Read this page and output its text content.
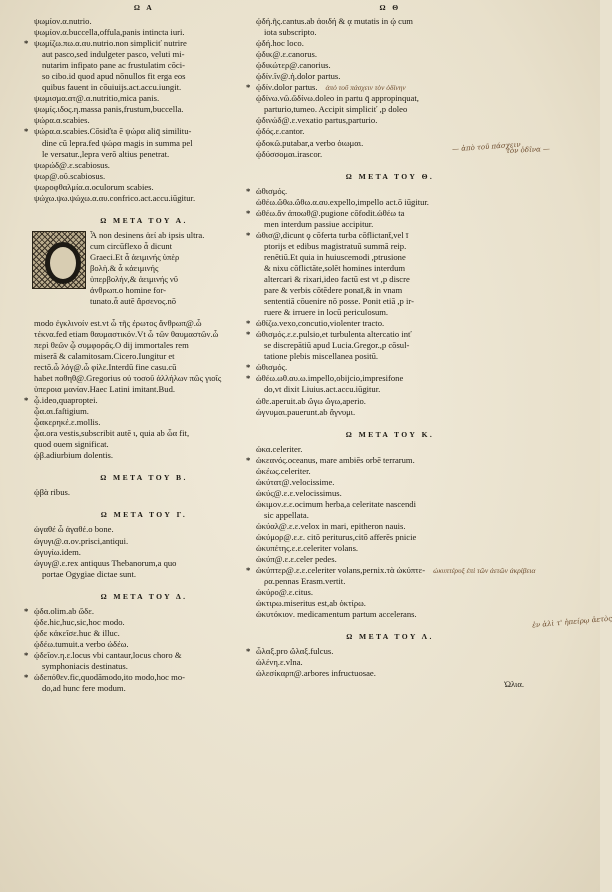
Ω Α
ψωμίον.α.nutrio.
ψωμίον.α.buccella,offula,panis intincta iuri.
* ψωμίζω.πω.α.αυ.nutrio.non simpliciť nutrire
aut pasco,sed indulgeter pasco, veluti mi-
nutarim infipato pane ac frustulatim cōci-
so cibo.id quod apud nōnullos fit erga eos
quibus fauent in cōuiuijs.act.accu.iungit.
ψωμισμα.ατ@.α.nutritio,mica panis.
ψωμίς.ιδος.η.massa panis,frustum,buccella.
ψώρα.α.scabies.
* ψώρα.α.scabies.Cōsiďta ē ψώρα aliq̄ similitu-
dine cū lepra.fed ψώρα magis in summa pel
le versatur.,lepra verō altius penetrat.
ψωρώδ@.ε.scabiosus.
ψωρ@.οῦ.scabiosus.
ψωροφθαλμία.α.oculorum scabies.
ψώχω.ψω.ψώχω.α.αυ.confrico.act.accu.iūgitur.
Ω ΜΕΤΑ ΤΟΥ Α.
Ἆ non desinens ἀεί ab ipsis ultra.
cum circūflexo ἆ dicunt
Graeci.Et ἆ ἀειμινής ὑπὲρ
βολὴ.& ἆ κἀειμινής
ὑπερβολήν,& ἀειμινής νῦ
ἀνθρωπ.ο homine for-
tunato.ἆ autē ἄρσενος.nō
modo ἐγκλινοίν est.vt ὦ τῆς ἐρωτος ἄνθρωπ@.ὦ
τέκνα.fed etiam θαυμαστικόν.Vt ὦ τῶν θαυμαστῶν.ὦ
περὶ θεῶν ᾧ συμφορᾶς.O dij immortales rem
miserā & calamitosam.Cicero.Iungitur et
rectō.ὦ λόγ@.ὦ φίλε.Interdū fine casu.cū
habet ποθηθ@.Gregorius οὐ τοσοῦ ἀλλήλων πῶς γιοῖς
ὑπεροια μανίαν.Haec Latini imitant.Bud.
* ᾧ.ideo,quaproptei.
ᾧα.αι.faſtigium.
ᾧακερηκέ.ε.mollis.
ᾧα.ora vestis,subscribit autē ι, quia ab ὦα fit,
quod ouem significat.
ᾠβ.adiurbium dolentis.
Ω ΜΕΤΑ ΤΟΥ Β.
ᾠβὰ ribus.
Ω ΜΕΤΑ ΤΟΥ Γ.
ὠγαθέ ὦ ἀγαθέ.ο bone.
ὠγυγι@.α.ον.prisci,antiqui.
ὠγυγίω.idem.
ὠγυγ@.ε.rex antiquus Thebanorum,a quo
portae Ogygiae dictae sunt.
Ω ΜΕΤΑ ΤΟΥ Δ.
* ᾠδα.olim.ab ὤδε.
ᾠδε.hic,huc,sic,hoc modo.
ᾠδε κἀκεῖσε.huc & illuc.
ᾠδέω.tumuit.a verbo ὠδέω.
* ᾠδεῖον.η.ε.locus vbi cantaur,locus choro &
symphoniacis destinatus.
* ὠδεπόθεν.fic,quodāmodo,ito modo,hoc mo-
do,ad hunc fere modum.
Ω Θ
ᾠδή.ῆς.cantus.ab ἀοιδή & ᾳ mutatis in ᾠ cum
iota subscripto.
ᾠδή.hoc loco.
ᾠδικ@.ε.canorus.
ᾠδικώτερ@.canorius.
ᾠδίν.ῖν@.ἡ.dolor partus.
* ᾠδίν.dolor partus. ἀπὸ τοῦ πάσχειν τὸν ὀδίνην
ᾠδίνω.νῶ.ὤδίνω.doleo in partu q̄ appropinquat,
parturio,tumeo. Accipit simpliciť ,p doleo
ᾠδινώδ@.ε.vexatio partus,parturio.
ᾠδός.ε.cantor.
ᾠδοκῶ.putabar,a verbo ὀιωμαι.
ᾠδύσσομαι.irascor.
Ω ΜΕΤΑ ΤΟΥ Θ.
* ὠθισμός.
ὠθέω.ὤθω.ὤθω.α.αυ.expello,impello act.ō iūgitur.
* ὠθέω.ἄν ἀποωθ@.pugione cōfodit.ὠθέω ta
men interdum passiue accipitur.
* ὠθισ@,dicunt ǫ cōferta turba cōflictant̄,vel ī
ptorijs et edibus magistratuū summā reip.
renētiū.Et quia in huiuscemodi ,ptrusione
& nixu cōflictāte,solēt homines interdum
altercari & rixari,ideo factū est vt ,p discre
pare & verbis cōtēdere ponaī,& in vnam
sententiā cōuenire nō posse. Ponit etiā ,p ir-
ruere & irruere in locū periculosum.
* ὠθίζω.vexo,concutio,violenter tracto.
* ὠθισμός.ε.ε.pulsio,et turbulenta altercatio inť
se discrepātiū apud Lucia.Gregor.,p cōsul-
tatione plebis miscellanea positū.
* ὠθισμός.
* ὠθέω.ωθ.αυ.ω.impello,obijcio,impresifone
do,vt dixit Liuius.act.accu.iūgitur.
ὠθε.aperuit.ab ὤγω ὤγω,aperio.
ὠγνυμαι.pauerunt.ab ἄγνυμι.
Ω ΜΕΤΑ ΤΟΥ Κ.
ὠκα.celeriter.
* ὠκεανός.oceanus, mare ambiēs orbē terrarum.
ὠκέως.celeriter.
ὠκύτατ@.velocissime.
ὠκύς@.ε.ε.velocissimus.
ὠκιμον.ε.ε.ocimum herba,a celeritate nascendi
sic appellata.
ὠκύαλ@.ε.ε.velox in mari, epitheron nauis.
ὠκύμορ@.ε.ε. citō periturus,citō afferēs pnicie
ὠκυπέτης.ε.ε.celeriter volans.
ὠκύπ@.ε.ε.celer pedes.
* ὠκύπτερ@.ε.ε.celeriter volans,pernix.τὰ ὠκύπτε- ὠκυπτέρυξ ἐπὶ τῶν ἀετῶν ἀκρίβεια
ρα.pennas Erasm.vertit.
ὠκύρο@.ε.citus.
ὠκτιρω.miseritus est,ab ὀκτίρω.
ὠκυτόκιον. medicamentum partum accelerans.
Ω ΜΕΤΑ ΤΟΥ Λ.
* ὦλαξ.pro ὤλαξ.fulcus.
ὠλένη.ε.vlna.
ὠλεσίκαρπ@.arbores infructuosae.
Ὠλια.
— ἀπὸ τοῦ πάσχειν
τὸν ὀδῖνα —
ἐν ἁλὶ τ' ἠπείρῳ ἀετὸς
